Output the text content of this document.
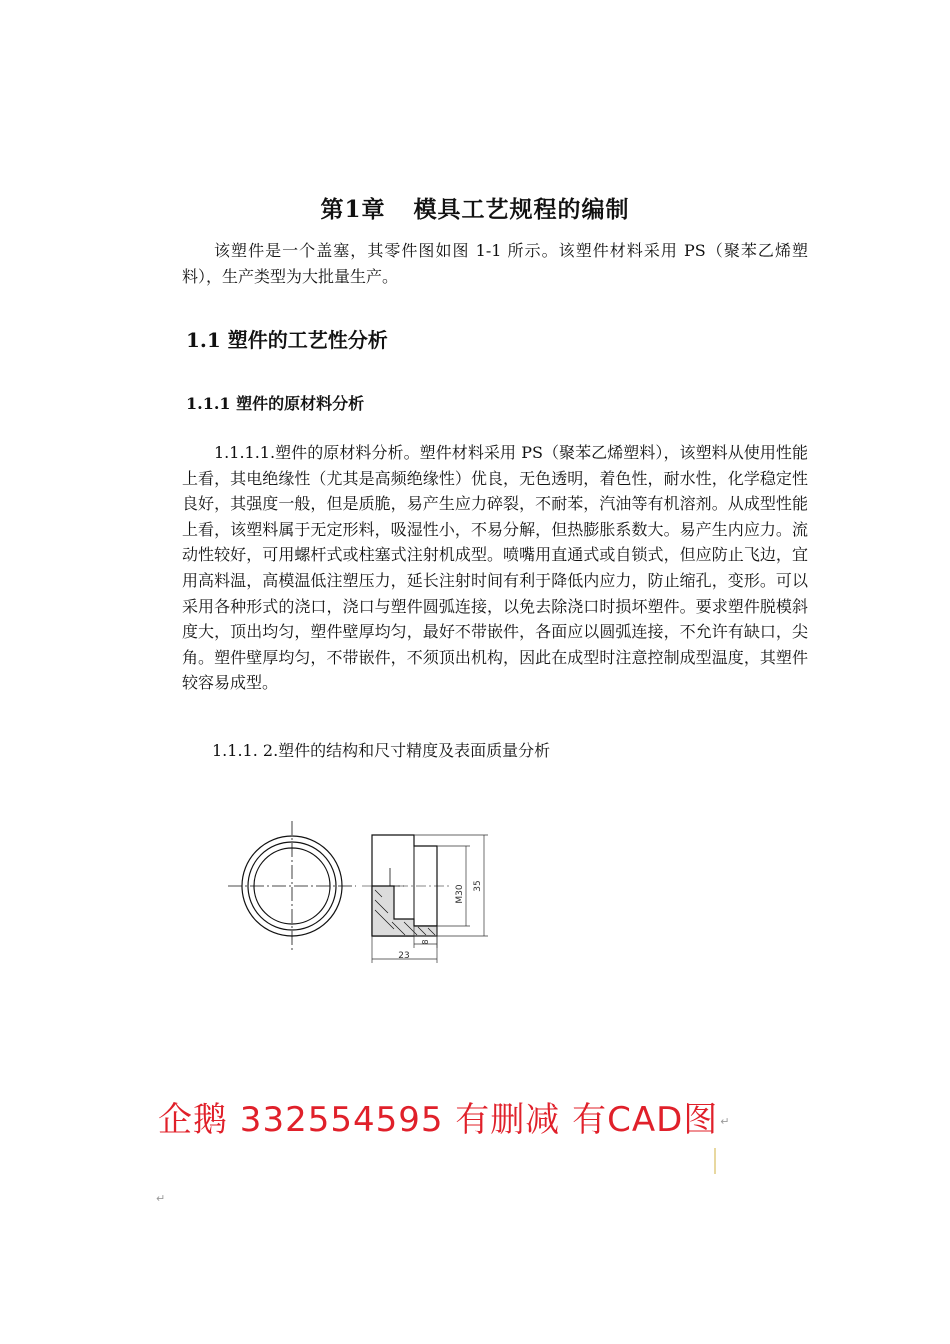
第1章 模具工艺规程的编制

该塑件是一个盖塞，其零件图如图 1-1 所示。该塑件材料采用 PS（聚苯乙烯塑料），生产类型为大批量生产。

1.1 塑件的工艺性分析
1.1.1 塑件的原材料分析

1.1.1.1.塑件的原材料分析。塑件材料采用 PS（聚苯乙烯塑料），该塑料从使用性能上看，其电绝缘性（尤其是高频绝缘性）优良，无色透明，着色性，耐水性，化学稳定性良好，其强度一般，但是质脆，易产生应力碎裂，不耐苯，汽油等有机溶剂。从成型性能上看，该塑料属于无定形料，吸湿性小，不易分解，但热膨胀系数大。易产生内应力。流动性较好，可用螺杆式或柱塞式注射机成型。喷嘴用直通式或自锁式，但应防止飞边，宜用高料温，高模温低注塑压力，延长注射时间有利于降低内应力，防止缩孔，变形。可以采用各种形式的浇口，浇口与塑件圆弧连接，以免去除浇口时损坏塑件。要求塑件脱模斜度大，顶出均匀，塑件壁厚均匀，最好不带嵌件，各面应以圆弧连接，不允许有缺口，尖角。塑件壁厚均匀，不带嵌件，不须顶出机构，因此在成型时注意控制成型温度，其塑件较容易成型。

1.1.1. 2.塑件的结构和尺寸精度及表面质量分析

M30 35
23
8

企鹅 332554595 有删减 有CAD图 ↵

↵
